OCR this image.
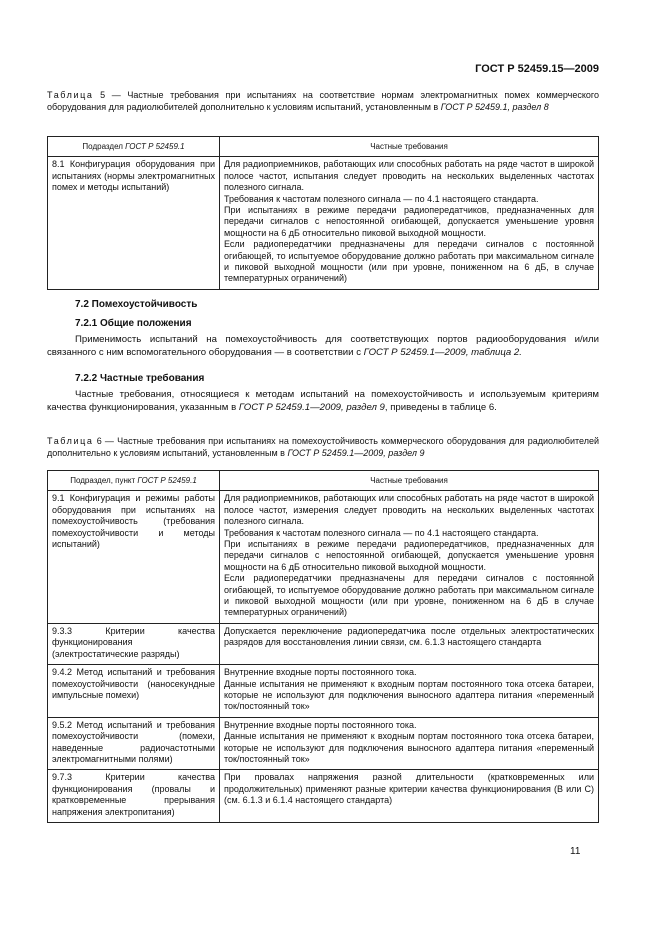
ГОСТ Р 52459.15—2009
Таблица 5 — Частные требования при испытаниях на соответствие нормам электромагнитных помех коммерческого оборудования для радиолюбителей дополнительно к условиям испытаний, установленным в ГОСТ Р 52459.1, раздел 8
Подраздел ГОСТ Р 52459.1	Частные требования
8.1 Конфигурация оборудования при испытаниях (нормы электромагнитных помех и методы испытаний)	Для радиоприемников, работающих или способных работать на ряде частот в широкой полосе частот, испытания следует проводить на нескольких выделенных частотах полезного сигнала.
Требования к частотам полезного сигнала — по 4.1 настоящего стандарта.
При испытаниях в режиме передачи радиопередатчиков, предназначенных для передачи сигналов с непостоянной огибающей, допускается уменьшение уровня мощности на 6 дБ относительно пиковой выходной мощности.
Если радиопередатчики предназначены для передачи сигналов с постоянной огибающей, то испытуемое оборудование должно работать при максимальном сигнале и пиковой выходной мощности (или при уровне, пониженном на 6 дБ, в случае температурных ограничений)
7.2 Помехоустойчивость
7.2.1 Общие положения
Применимость испытаний на помехоустойчивость для соответствующих портов радиооборудования и/или связанного с ним вспомогательного оборудования — в соответствии с ГОСТ Р 52459.1—2009, таблица 2.
7.2.2 Частные требования
Частные требования, относящиеся к методам испытаний на помехоустойчивость и используемым критериям качества функционирования, указанным в ГОСТ Р 52459.1—2009, раздел 9, приведены в таблице 6.
Таблица 6 — Частные требования при испытаниях на помехоустойчивость коммерческого оборудования для радиолюбителей дополнительно к условиям испытаний, установленным в ГОСТ Р 52459.1—2009, раздел 9
Подраздел, пункт ГОСТ Р 52459.1	Частные требования
9.1 Конфигурация и режимы работы оборудования при испытаниях на помехоустойчивость (требования помехоустойчивости и методы испытаний)	Для радиоприемников, работающих или способных работать на ряде частот в широкой полосе частот, измерения следует проводить на нескольких выделенных частотах полезного сигнала.
Требования к частотам полезного сигнала — по 4.1 настоящего стандарта.
При испытаниях в режиме передачи радиопередатчиков, предназначенных для передачи сигналов с непостоянной огибающей, допускается уменьшение уровня мощности на 6 дБ относительно пиковой выходной мощности.
Если радиопередатчики предназначены для передачи сигналов с постоянной огибающей, то испытуемое оборудование должно работать при максимальном сигнале и пиковой выходной мощности (или при уровне, пониженном на 6 дБ в случае температурных ограничений)

9.3.3 Критерии качества функционирования (электростатические разряды)	Допускается переключение радиопередатчика после отдельных электростатических разрядов для восстановления линии связи, см. 6.1.3 настоящего стандарта

9.4.2 Метод испытаний и требования помехоустойчивости (наносекундные импульсные помехи)	Внутренние входные порты постоянного тока.
Данные испытания не применяют к входным портам постоянного тока отсека батареи, которые не используют для подключения выносного адаптера питания «переменный ток/постоянный ток»

9.5.2 Метод испытаний и требования помехоустойчивости (помехи, наведенные радиочастотными электромагнитными полями)	Внутренние входные порты постоянного тока.
Данные испытания не применяют к входным портам постоянного тока отсека батареи, которые не используют для подключения выносного адаптера питания «переменный ток/постоянный ток»

9.7.3 Критерии качества функционирования (провалы и кратковременные прерывания напряжения электропитания)	При провалах напряжения разной длительности (кратковременных или продолжительных) применяют разные критерии качества функционирования (В или С) (см. 6.1.3 и 6.1.4 настоящего стандарта)
11
